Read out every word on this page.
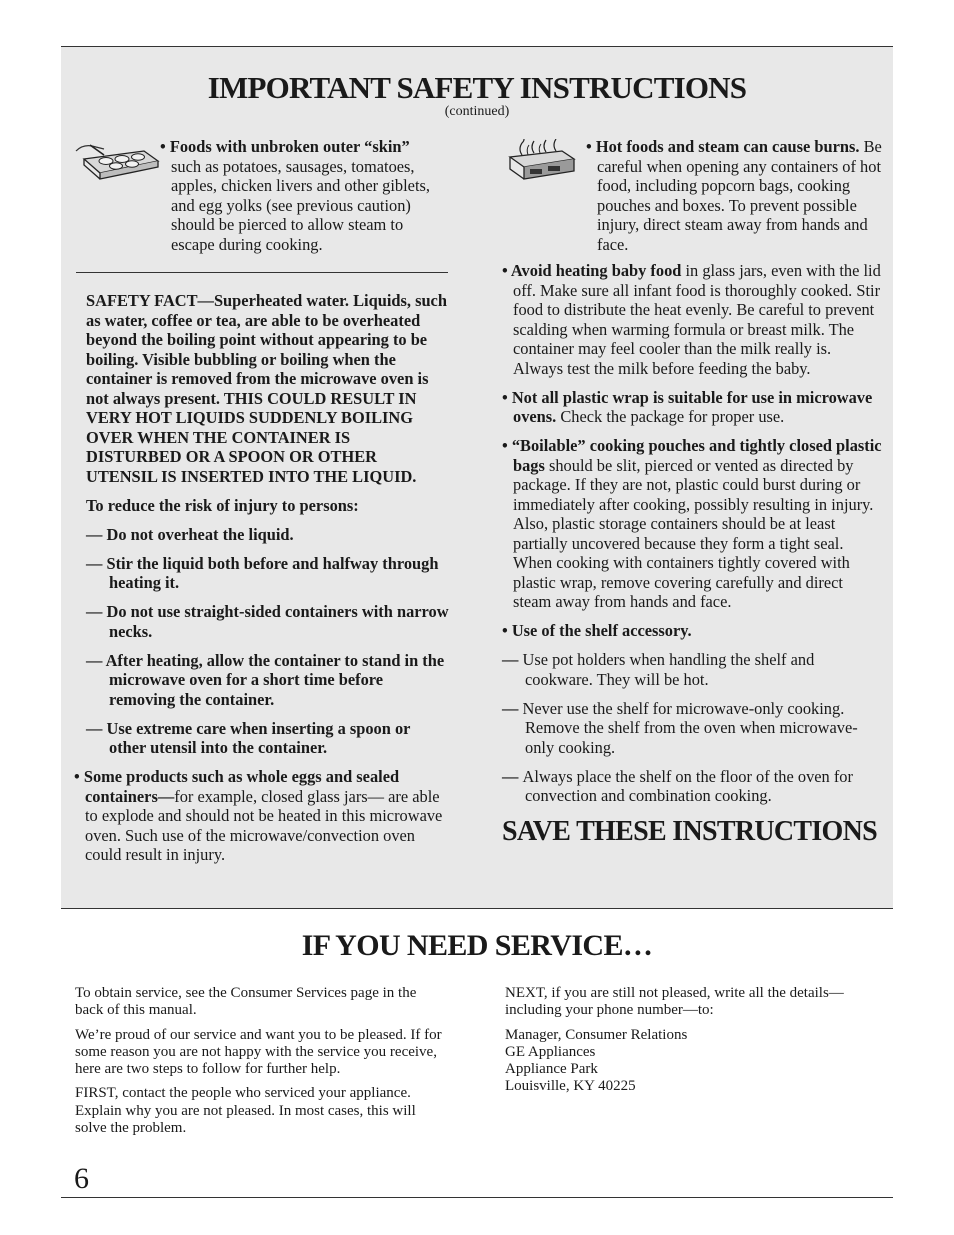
IMPORTANT SAFETY INSTRUCTIONS
(continued)
• Foods with unbroken outer “skin”
such as potatoes, sausages, tomatoes, apples, chicken livers and other giblets, and egg yolks (see previous caution) should be pierced to allow steam to escape during cooking.

SAFETY FACT—Superheated water. Liquids, such as water, coffee or tea, are able to be overheated beyond the boiling point without appearing to be boiling. Visible bubbling or boiling when the container is removed from the microwave oven is not always present. THIS COULD RESULT IN VERY HOT LIQUIDS SUDDENLY BOILING OVER WHEN THE CONTAINER IS DISTURBED OR A SPOON OR OTHER UTENSIL IS INSERTED INTO THE LIQUID.

To reduce the risk of injury to persons:

— Do not overheat the liquid.

— Stir the liquid both before and halfway through heating it.

— Do not use straight-sided containers with narrow necks.

— After heating, allow the container to stand in the microwave oven for a short time before removing the container.

— Use extreme care when inserting a spoon or other utensil into the container.

• Some products such as whole eggs and sealed containers—for example, closed glass jars— are able to explode and should not be heated in this microwave oven. Such use of the microwave/convection oven could result in injury.
• Hot foods and steam can cause burns. Be careful when opening any containers of hot food, including popcorn bags, cooking pouches and boxes. To prevent possible injury, direct steam away from hands and face.
• Avoid heating baby food in glass jars, even with the lid off. Make sure all infant food is thoroughly cooked. Stir food to distribute the heat evenly. Be careful to prevent scalding when warming formula or breast milk. The container may feel cooler than the milk really is. Always test the milk before feeding the baby.
• Not all plastic wrap is suitable for use in microwave ovens. Check the package for proper use.
• “Boilable” cooking pouches and tightly closed plastic bags should be slit, pierced or vented as directed by package. If they are not, plastic could burst during or immediately after cooking, possibly resulting in injury. Also, plastic storage containers should be at least partially uncovered because they form a tight seal. When cooking with containers tightly covered with plastic wrap, remove covering carefully and direct steam away from hands and face.
• Use of the shelf accessory.
— Use pot holders when handling the shelf and cookware. They will be hot.
— Never use the shelf for microwave-only cooking. Remove the shelf from the oven when microwave-only cooking.
— Always place the shelf on the floor of the oven for convection and combination cooking.
SAVE THESE INSTRUCTIONS
IF YOU NEED SERVICE…

To obtain service, see the Consumer Services page in the back of this manual.

We’re proud of our service and want you to be pleased. If for some reason you are not happy with the service you receive, here are two steps to follow for further help.

FIRST, contact the people who serviced your appliance. Explain why you are not pleased. In most cases, this will solve the problem.

NEXT, if you are still not pleased, write all the details—including your phone number—to:

Manager, Consumer Relations
GE Appliances
Appliance Park
Louisville, KY 40225
6
